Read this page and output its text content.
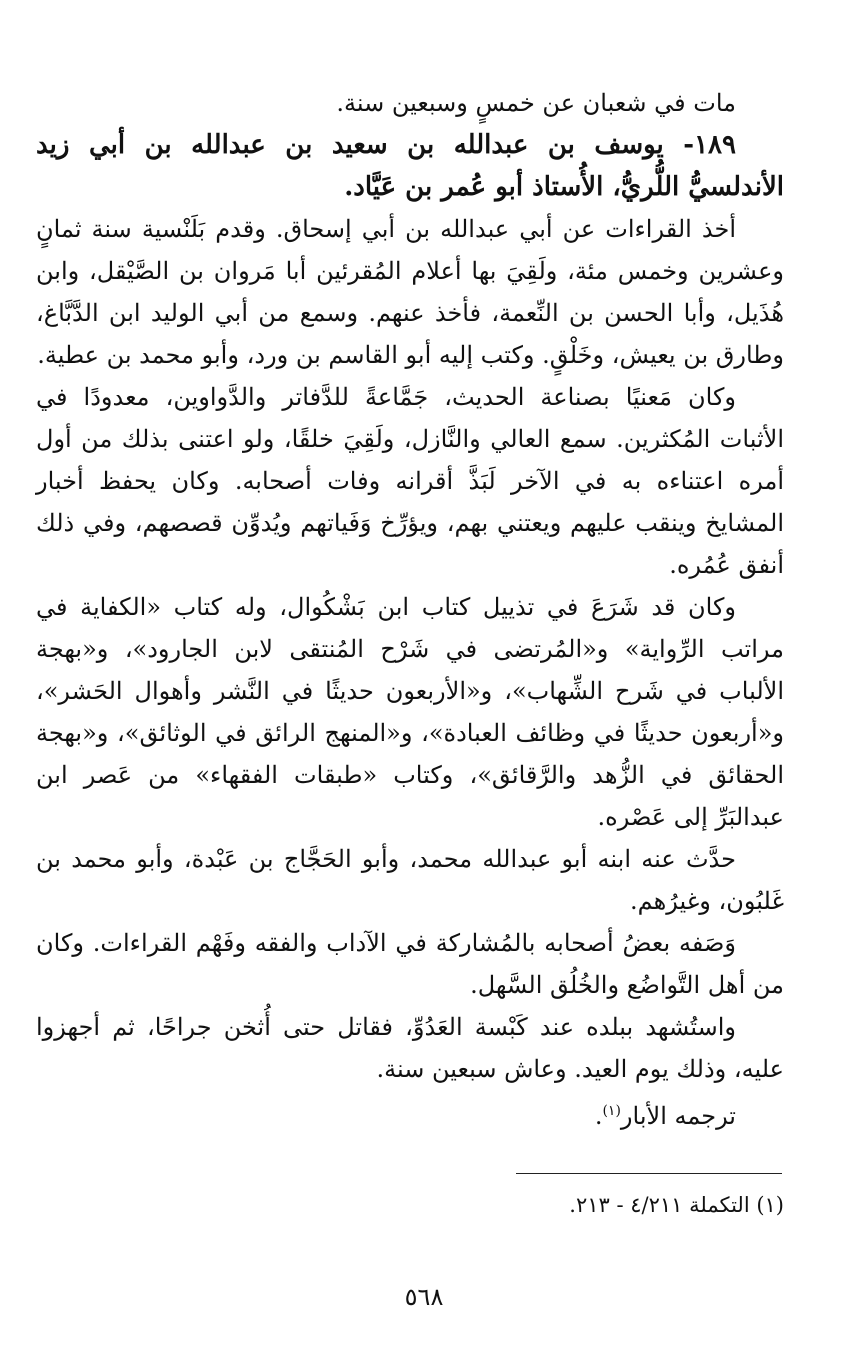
مات في شعبان عن خمسٍ وسبعين سنة.

١٨٩- يوسف بن عبدالله بن سعيد بن عبدالله بن أبي زيد الأندلسيُّ اللُّريُّ، الأُستاذ أبو عُمر بن عَيَّاد.

أخذ القراءات عن أبي عبدالله بن أبي إسحاق. وقدم بَلَنْسية سنة ثمانٍ وعشرين وخمس مئة، ولَقِيَ بها أعلام المُقرئين أبا مَروان بن الصَّيْقل، وابن هُذَيل، وأبا الحسن بن النِّعمة، فأخذ عنهم. وسمع من أبي الوليد ابن الدَّبَّاغ، وطارق بن يعيش، وخَلْقٍ. وكتب إليه أبو القاسم بن ورد، وأبو محمد بن عطية.

وكان مَعنيًا بصناعة الحديث، جَمَّاعةً للدَّفاتر والدَّواوين، معدودًا في الأثبات المُكثرين. سمع العالي والنَّازل، ولَقِيَ خلقًا، ولو اعتنى بذلك من أول أمره اعتناءه به في الآخر لَبَذَّ أقرانه وفات أصحابه. وكان يحفظ أخبار المشايخ وينقب عليهم ويعتني بهم، ويؤرِّخ وَفَياتهم ويُدوِّن قصصهم، وفي ذلك أنفق عُمُره.

وكان قد شَرَعَ في تذييل كتاب ابن بَشْكُوال، وله كتاب «الكفاية في مراتب الرِّواية» و«المُرتضى في شَرْح المُنتقى لابن الجارود»، و«بهجة الألباب في شَرح الشِّهاب»، و«الأربعون حديثًا في النَّشر وأهوال الحَشر»، و«أربعون حديثًا في وظائف العبادة»، و«المنهج الرائق في الوثائق»، و«بهجة الحقائق في الزُّهد والرَّقائق»، وكتاب «طبقات الفقهاء» من عَصر ابن عبدالبَرِّ إلى عَصْره.

حدَّث عنه ابنه أبو عبدالله محمد، وأبو الحَجَّاج بن عَبْدة، وأبو محمد بن غَلبُون، وغيرُهم.

وَصَفه بعضُ أصحابه بالمُشاركة في الآداب والفقه وفَهْم القراءات. وكان من أهل التَّواضُع والخُلُق السَّهل.

واستُشهد ببلده عند كَبْسة العَدُوِّ، فقاتل حتى أُثخن جراحًا، ثم أجهزوا عليه، وذلك يوم العيد. وعاش سبعين سنة.

ترجمه الأبار$^{(١)}$.

(١) التكملة ٤/٢١١ - ٢١٣.
٥٦٨
